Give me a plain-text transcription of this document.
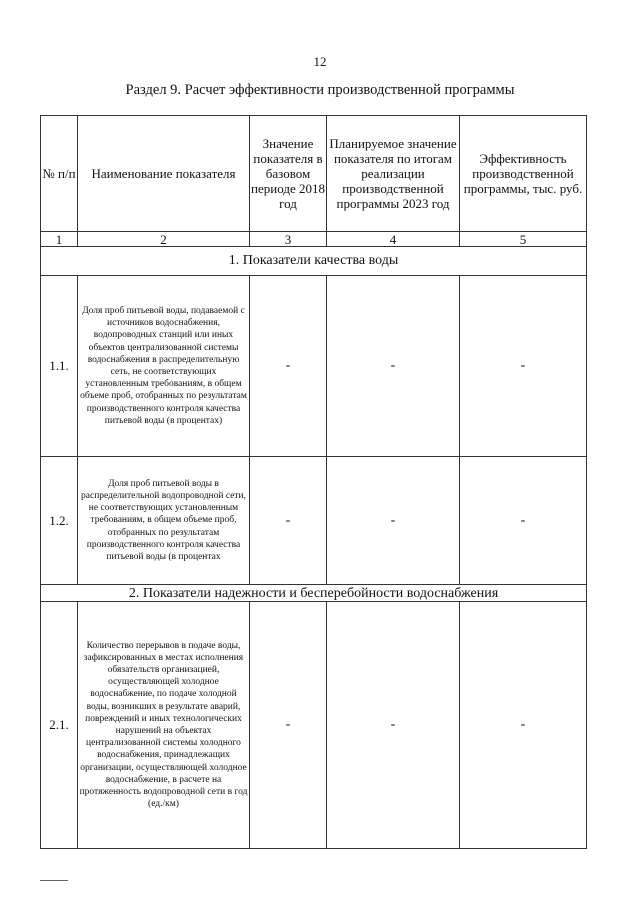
12
Раздел 9. Расчет эффективности производственной программы
№ п/п	Наименование показателя	Значение показателя в базовом периоде 2018 год	Планируемое значение показателя по итогам реализации производственной программы 2023 год	Эффективность производственной программы, тыс. руб.
1	2	3	4	5
1. Показатели качества воды				
1.1.	Доля проб питьевой воды, подаваемой с источников водоснабжения, водопроводных станций или иных объектов централизованной системы водоснабжения в распределительную сеть, не соответствующих установленным требованиям, в общем объеме проб, отобранных по результатам производственного контроля качества питьевой воды (в процентах)	-	-	-
1.2.	Доля проб питьевой воды в распределительной водопроводной сети, не соответствующих установленным требованиям, в общем объеме проб, отобранных по результатам производственного контроля качества питьевой воды (в процентах	-	-	-
2. Показатели надежности и бесперебойности водоснабжения				
2.1.	Количество перерывов в подаче воды, зафиксированных в местах исполнения обязательств организацией, осуществляющей холодное водоснабжение, по подаче холодной воды, возникших в результате аварий, повреждений и иных технологических нарушений на объектах централизованной системы холодного водоснабжения, принадлежащих организации, осуществляющей холодное водоснабжение, в расчете на протяженность водопроводной сети в год (ед./км)	-	-	-
